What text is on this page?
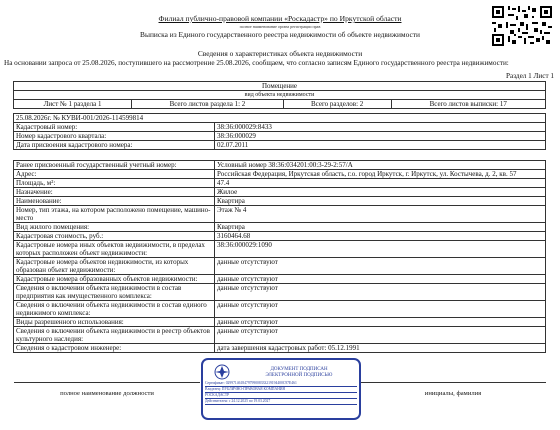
Филиал публично-правовой компании «Роскадастр» по Иркутской области
полное наименование органа регистрации прав
Выписка из Единого государственного реестра недвижимости об объекте недвижимости
Сведения о характеристиках объекта недвижимости
На основании запроса от 25.08.2026, поступившего на рассмотрение 25.08.2026, сообщаем, что согласно записям Единого государственного реестра недвижимости:
Раздел 1 Лист 1
Помещение
вид объекта недвижимости
Лист № 1 раздела 1	Всего листов раздела 1: 2	Всего разделов: 2	Всего листов выписки: 17
25.08.2026г. № КУВИ-001/2026-114599814	
Кадастровый номер:	38:36:000029:8433
Номер кадастрового квартала:	38:36:000029
Дата присвоения кадастрового номера:	02.07.2011
Ранее присвоенный государственный учетный номер:	Условный номер 38:36:034201:00:3-29-2:57/А
Адрес:	Российская Федерация, Иркутская область, г.о. город Иркутск, г. Иркутск, ул. Костычева, д. 2, кв. 57
Площадь, м²:	47.4
Назначение:	Жилое
Наименование:	Квартира
Номер, тип этажа, на котором расположено помещение, машино-место	Этаж № 4
Вид жилого помещения:	Квартира
Кадастровая стоимость, руб.:	3160464.68
Кадастровые номера иных объектов недвижимости, в пределах которых расположен объект недвижимости:	38:36:000029:1090
Кадастровые номера объектов недвижимости, из которых образован объект недвижимости:	данные отсутствуют
Кадастровые номера образованных объектов недвижимости:	данные отсутствуют
Сведения о включении объекта недвижимости в состав предприятия как имущественного комплекса:	данные отсутствуют
Сведения о включении объекта недвижимости в состав единого недвижимого комплекса:	данные отсутствуют
Виды разрешенного использования:	данные отсутствуют
Сведения о включении объекта недвижимости в реестр объектов культурного наследия:	данные отсутствуют
Сведения о кадастровом инженере:	дата завершения кадастровых работ: 05.12.1991
полное наименование должности	инициалы, фамилия
ДОКУМЕНТ ПОДПИСАН
ЭЛЕКТРОННОЙ ПОДПИСЬЮ
Сертификат: 0299714618479799008333219194400C97E461
Владелец: ПУБЛИЧНО-ПРАВОВАЯ КОМПАНИЯ
РОСКАДАСТР
Действителен: с 24.12.2025 по 19.03.2027
